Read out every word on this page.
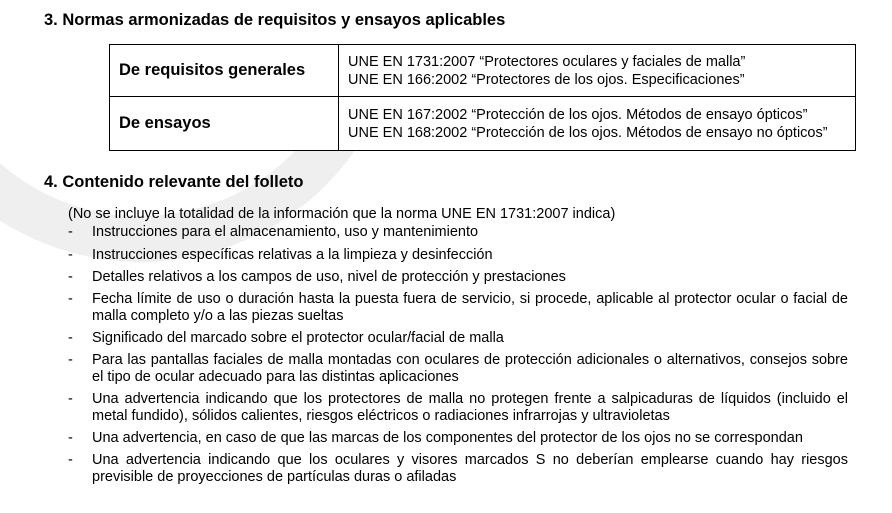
3. Normas armonizadas de requisitos y ensayos aplicables
De requisitos generales	UNE EN 1731:2007 “Protectores oculares y faciales de malla”
UNE EN 166:2002 “Protectores de los ojos. Especificaciones”

De ensayos	UNE EN 167:2002 “Protección de los ojos. Métodos de ensayo ópticos”
UNE EN 168:2002 “Protección de los ojos. Métodos de ensayo no ópticos”
4. Contenido relevante del folleto
(No se incluye la totalidad de la información que la norma UNE EN 1731:2007 indica)
- Instrucciones para el almacenamiento, uso y mantenimiento
- Instrucciones específicas relativas a la limpieza y desinfección
- Detalles relativos a los campos de uso, nivel de protección y prestaciones
- Fecha límite de uso o duración hasta la puesta fuera de servicio, si procede, aplicable al protector ocular o facial de malla completo y/o a las piezas sueltas
- Significado del marcado sobre el protector ocular/facial de malla
- Para las pantallas faciales de malla montadas con oculares de protección adicionales o alternativos, consejos sobre el tipo de ocular adecuado para las distintas aplicaciones
- Una advertencia indicando que los protectores de malla no protegen frente a salpicaduras de líquidos (incluido el metal fundido), sólidos calientes, riesgos eléctricos o radiaciones infrarrojas y ultravioletas
- Una advertencia, en caso de que las marcas de los componentes del protector de los ojos no se correspondan
- Una advertencia indicando que los oculares y visores marcados S no deberían emplearse cuando hay riesgos previsible de proyecciones de partículas duras o afiladas
